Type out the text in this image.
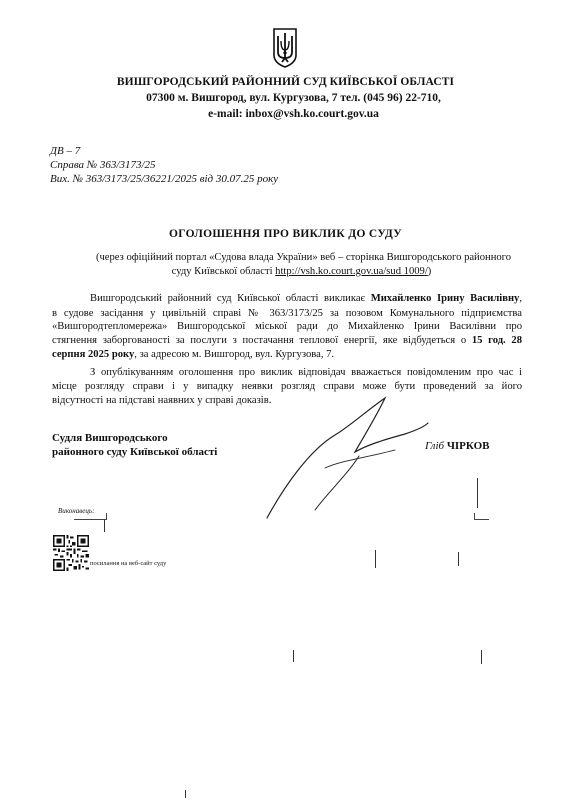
ВИШГОРОДСЬКИЙ РАЙОННИЙ СУД КИЇВСЬКОЇ ОБЛАСТІ
07300 м. Вишгород, вул. Кургузова, 7 тел. (045 96) 22-710,
e-mail: inbox@vsh.ko.court.gov.ua
ДВ – 7
Справа № 363/3173/25
Вих. № 363/3173/25/36221/2025 від 30.07.25 року
ОГОЛОШЕННЯ ПРО ВИКЛИК ДО СУДУ
(через офіційний портал «Судова влада України» веб – сторінка Вишгородського районного
суду Київської області http://vsh.ko.court.gov.ua/sud 1009/)
Вишгородський районний суд Київської області викликає Михайленко Ірину Василівну,
в судове засідання у цивільній справі № 363/3173/25 за позовом Комунального підприємства
«Вишгородтепломережа» Вишгородської міської ради до Михайленко Ірини Василівни про
стягнення заборгованості за послуги з постачання теплової енергії, яке відбудеться о 15 год. 28
серпня 2025 року, за адресою м. Вишгород, вул. Кургузова, 7.
З опублікуванням оголошення про виклик відповідач вважається повідомленим про час і
місце розгляду справи і у випадку неявки розгляд справи може бути проведений за його
відсутності на підставі наявних у справі доказів.
Судля Вишгородського
районного суду Київської області	Гліб ЧІРКОВ
Виконавець:
посилання на веб-сайт суду
